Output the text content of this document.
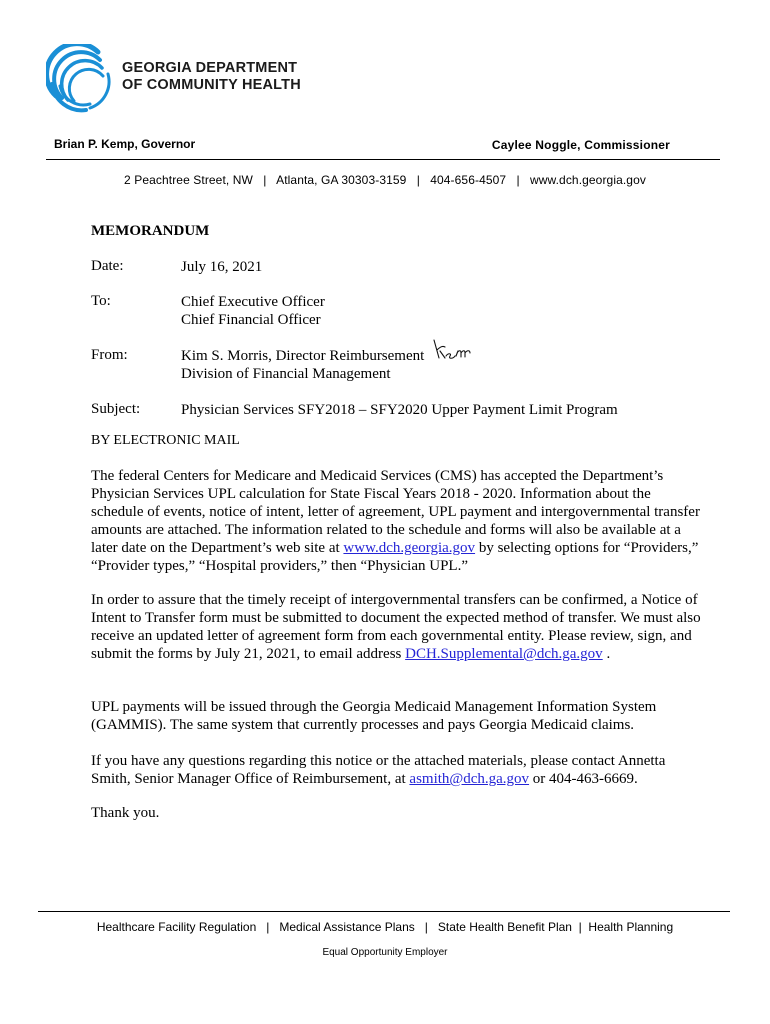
GEORGIA DEPARTMENT
OF COMMUNITY HEALTH
Brian P. Kemp, Governor	Caylee Noggle, Commissioner
2 Peachtree Street, NW   |   Atlanta, GA 30303-3159   |   404-656-4507   |   www.dch.georgia.gov
MEMORANDUM
Date:	July 16, 2021
To:	Chief Executive Officer
Chief Financial Officer
From:	Kim S. Morris, Director Reimbursement
Division of Financial Management
Subject:	Physician Services SFY2018 – SFY2020 Upper Payment Limit Program
BY ELECTRONIC MAIL
The federal Centers for Medicare and Medicaid Services (CMS) has accepted the Department’s Physician Services UPL calculation for State Fiscal Years 2018 - 2020. Information about the schedule of events, notice of intent, letter of agreement, UPL payment and intergovernmental transfer amounts are attached. The information related to the schedule and forms will also be available at a later date on the Department’s web site at www.dch.georgia.gov by selecting options for “Providers,” “Provider types,” “Hospital providers,” then “Physician UPL.”
In order to assure that the timely receipt of intergovernmental transfers can be confirmed, a Notice of Intent to Transfer form must be submitted to document the expected method of transfer. We must also receive an updated letter of agreement form from each governmental entity. Please review, sign, and submit the forms by July 21, 2021, to email address DCH.Supplemental@dch.ga.gov .
UPL payments will be issued through the Georgia Medicaid Management Information System (GAMMIS). The same system that currently processes and pays Georgia Medicaid claims.
If you have any questions regarding this notice or the attached materials, please contact Annetta Smith, Senior Manager Office of Reimbursement, at asmith@dch.ga.gov or 404-463-6669.
Thank you.
Healthcare Facility Regulation   |   Medical Assistance Plans   |   State Health Benefit Plan  |  Health Planning
Equal Opportunity Employer
